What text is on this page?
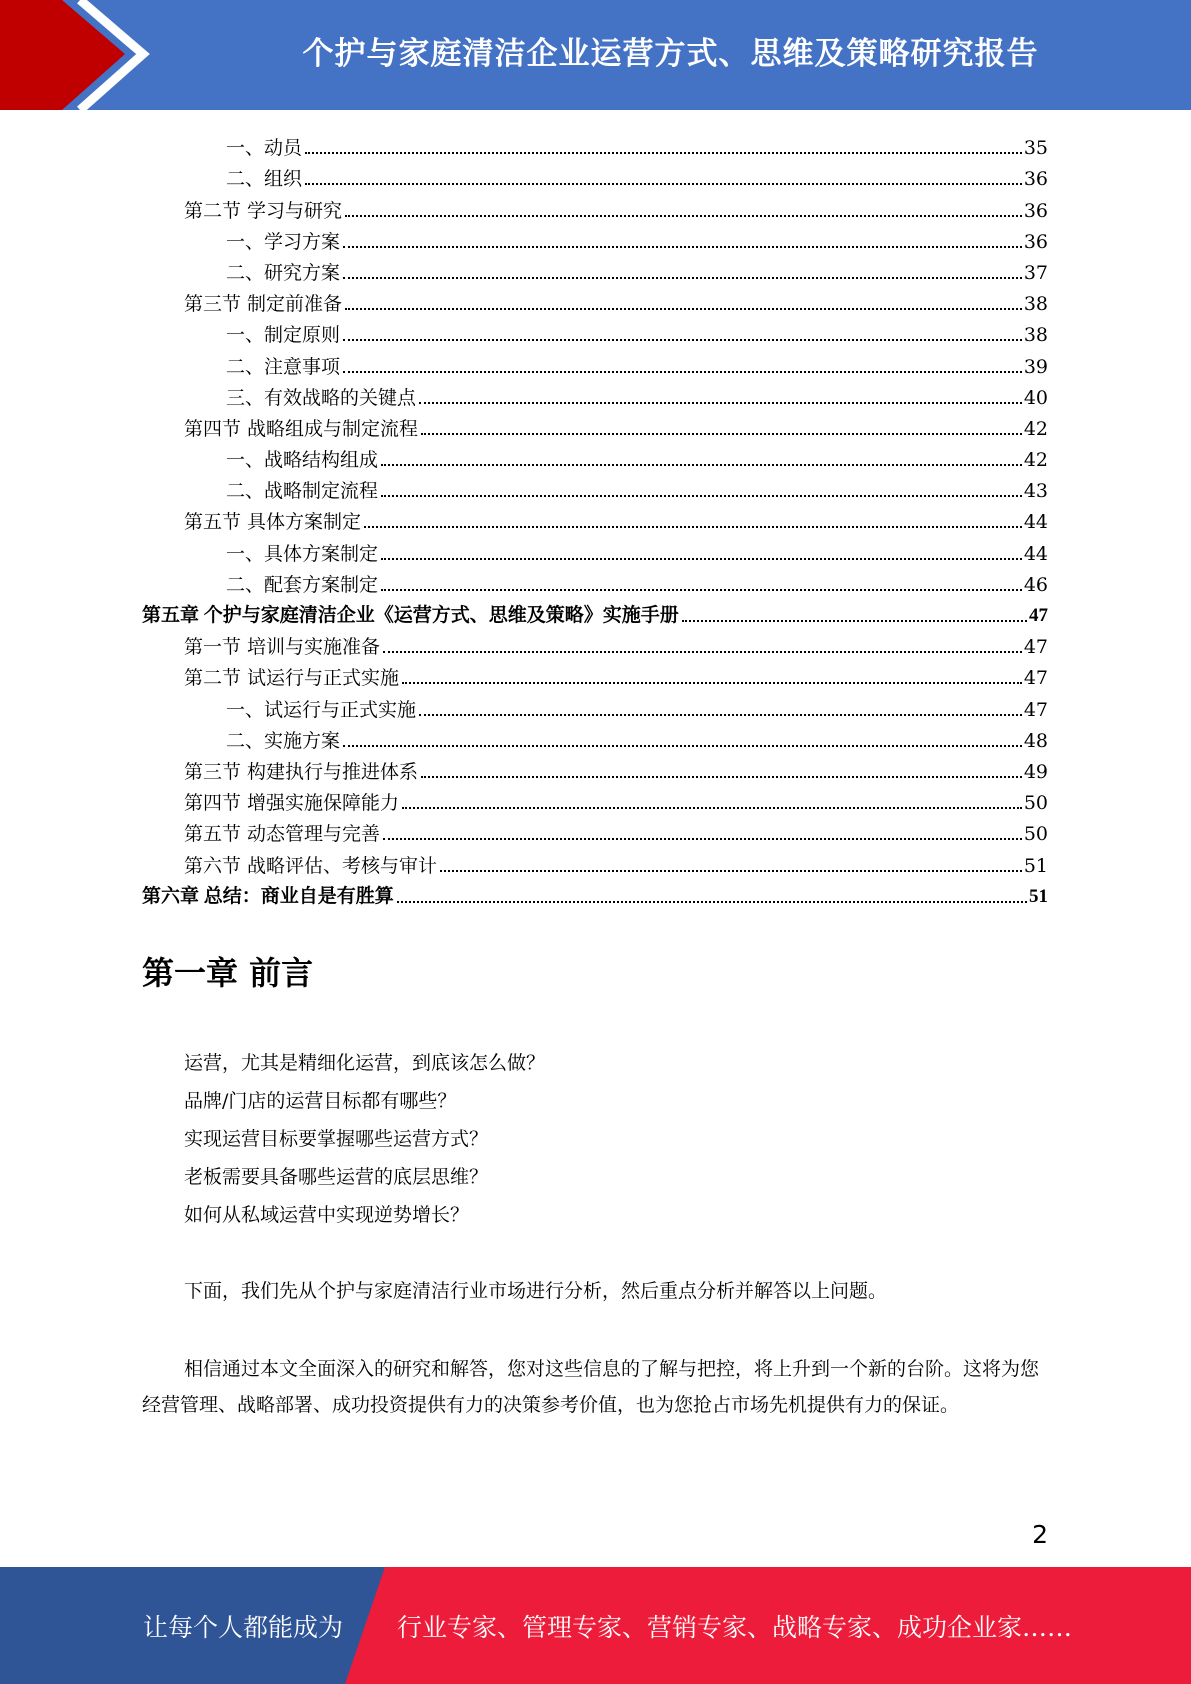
个护与家庭清洁企业运营方式、思维及策略研究报告
一、动员	35
二、组织	36
第二节 学习与研究	36
一、学习方案	36
二、研究方案	37
第三节 制定前准备	38
一、制定原则	38
二、注意事项	39
三、有效战略的关键点	40
第四节 战略组成与制定流程	42
一、战略结构组成	42
二、战略制定流程	43
第五节 具体方案制定	44
一、具体方案制定	44
二、配套方案制定	46
第五章 个护与家庭清洁企业《运营方式、思维及策略》实施手册	47
第一节 培训与实施准备	47
第二节 试运行与正式实施	47
一、试运行与正式实施	47
二、实施方案	48
第三节 构建执行与推进体系	49
第四节 增强实施保障能力	50
第五节 动态管理与完善	50
第六节 战略评估、考核与审计	51
第六章 总结：商业自是有胜算	51
第一章 前言
运营，尤其是精细化运营，到底该怎么做？
品牌/门店的运营目标都有哪些？
实现运营目标要掌握哪些运营方式？
老板需要具备哪些运营的底层思维？
如何从私域运营中实现逆势增长？

下面，我们先从个护与家庭清洁行业市场进行分析，然后重点分析并解答以上问题。

相信通过本文全面深入的研究和解答，您对这些信息的了解与把控，将上升到一个新的台阶。这将为您经营管理、战略部署、成功投资提供有力的决策参考价值，也为您抢占市场先机提供有力的保证。

2
让每个人都能成为 行业专家、管理专家、营销专家、战略专家、成功企业家……
